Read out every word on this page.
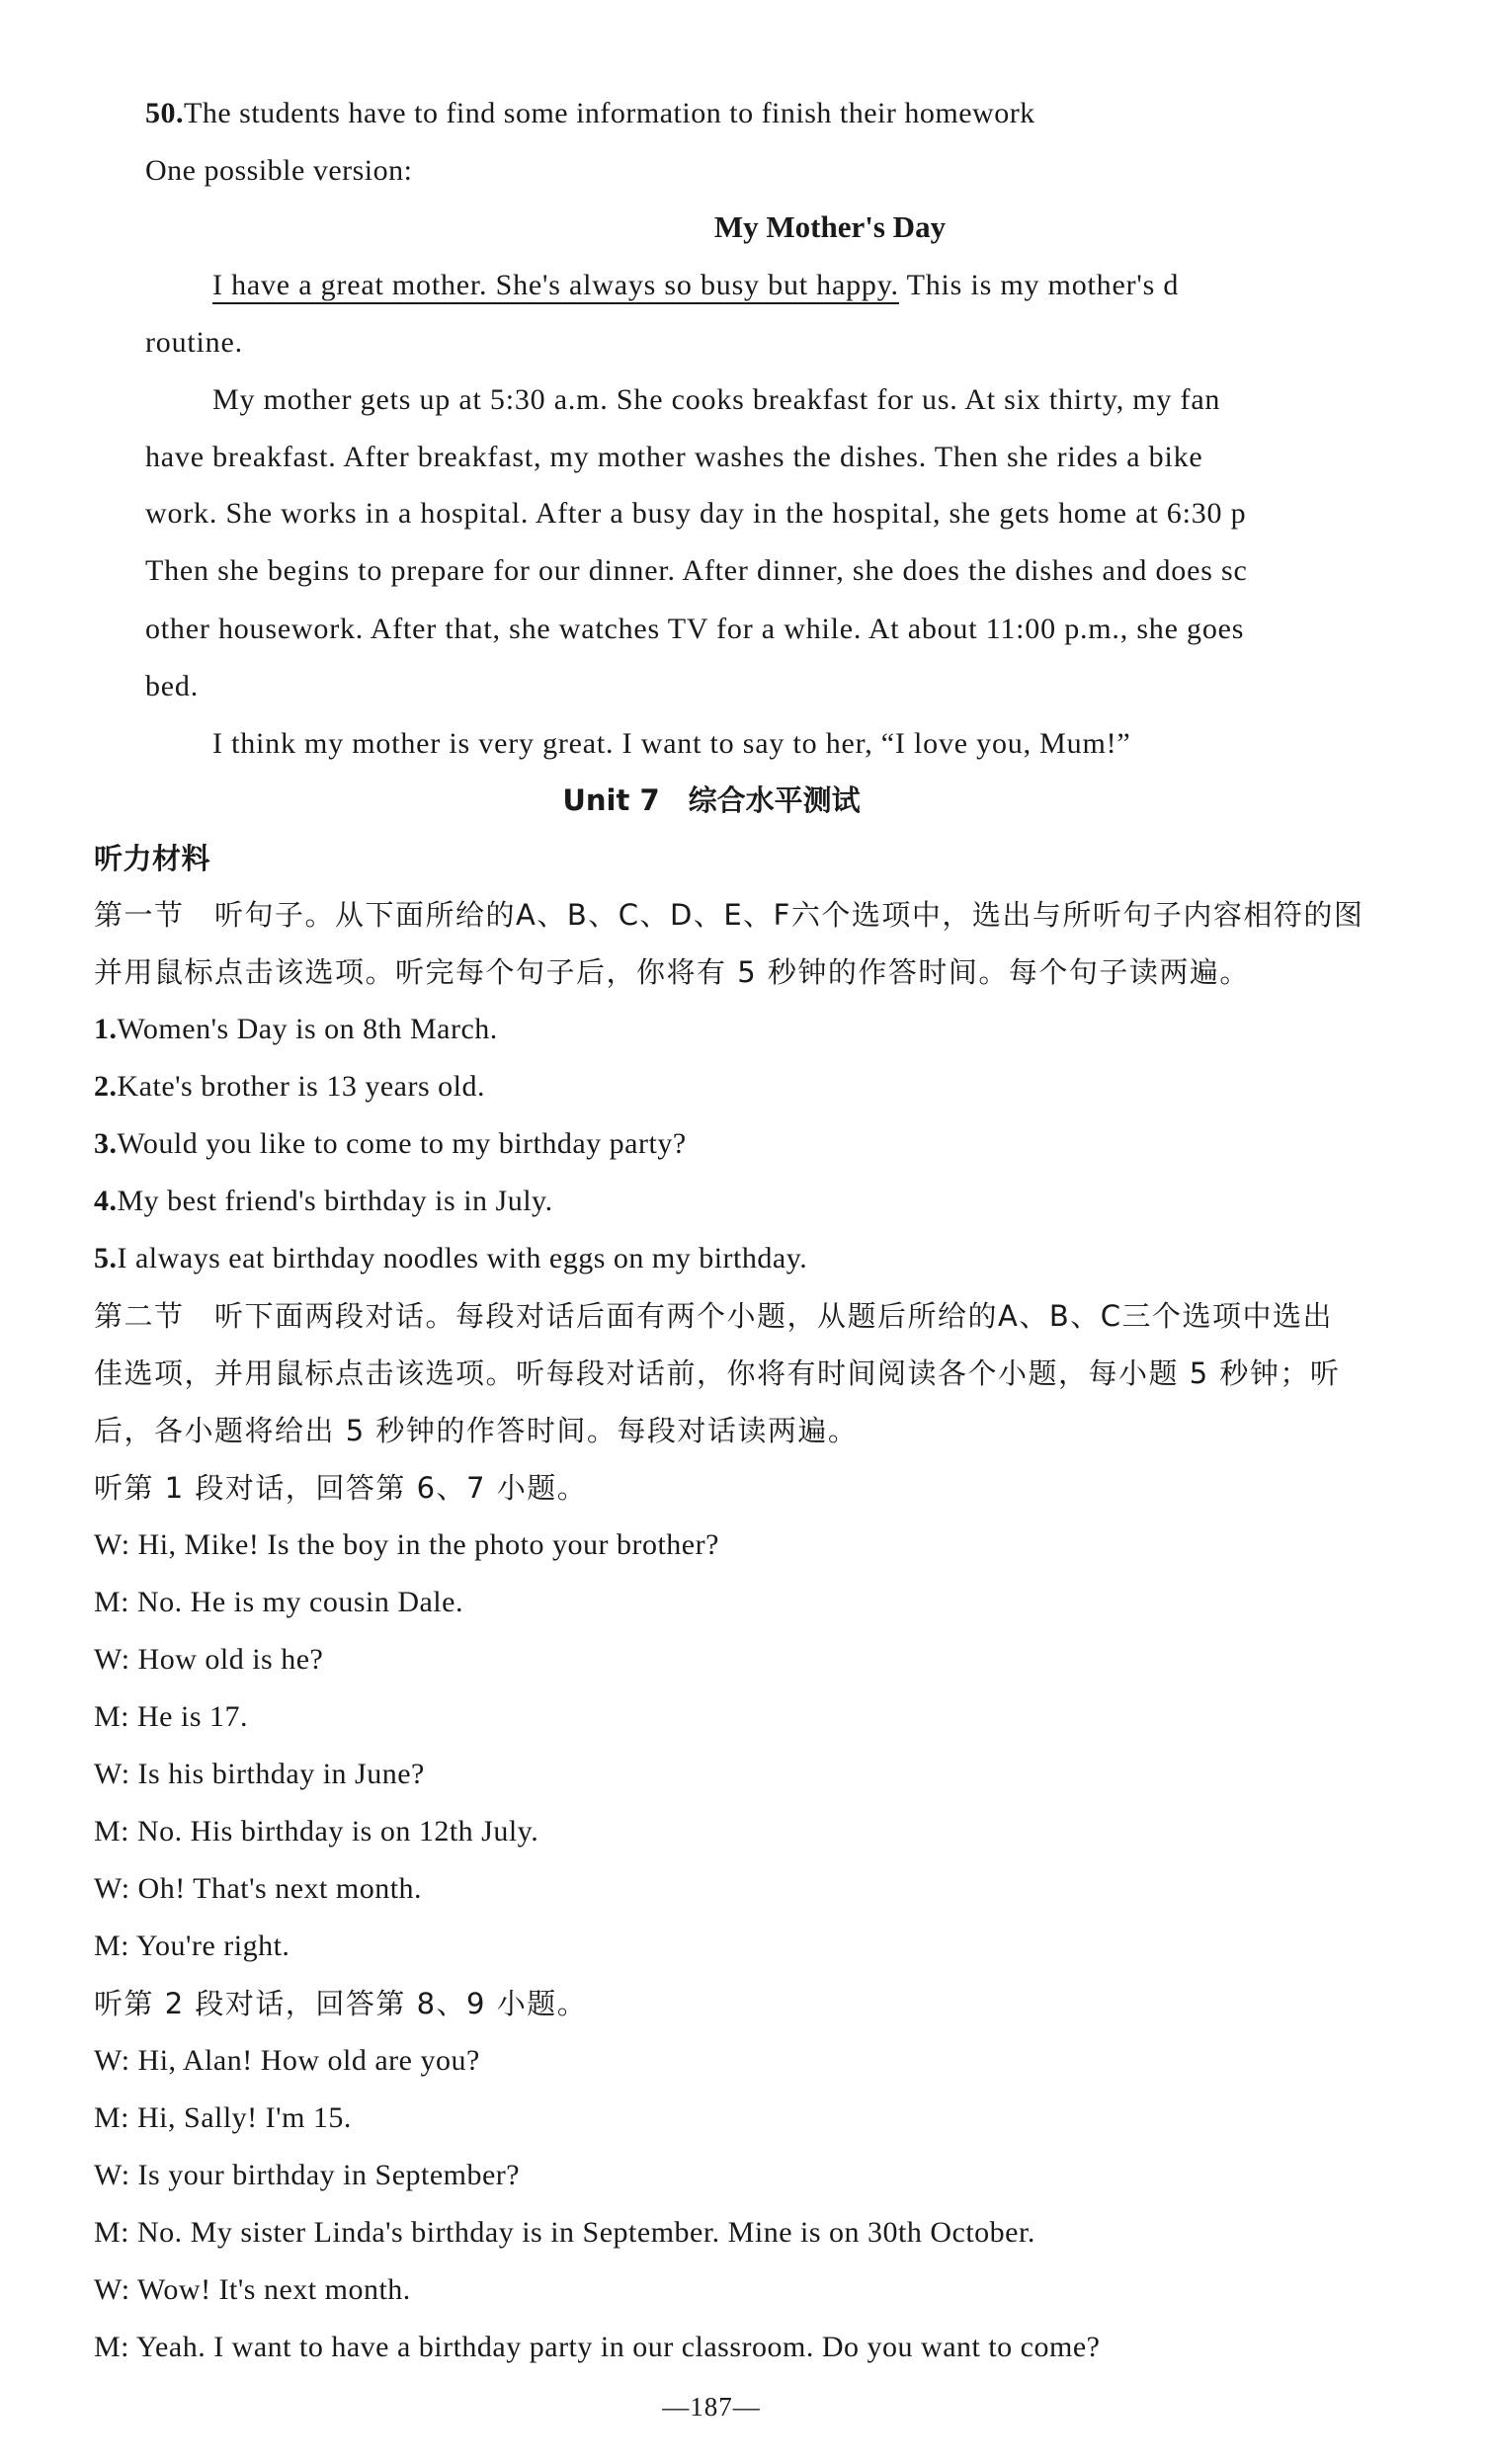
50.The students have to find some information to finish their homework
One possible version:
My Mother's Day
I have a great mother. She's always so busy but happy. This is my mother's d
routine.
My mother gets up at 5:30 a.m. She cooks breakfast for us. At six thirty, my fan
have breakfast. After breakfast, my mother washes the dishes. Then she rides a bike
work. She works in a hospital. After a busy day in the hospital, she gets home at 6:30 p
Then she begins to prepare for our dinner. After dinner, she does the dishes and does sc
other housework. After that, she watches TV for a while. At about 11:00 p.m., she goes
bed.
I think my mother is very great. I want to say to her, “I love you, Mum!”
Unit 7　综合水平测试
听力材料
第一节　听句子。从下面所给的A、B、C、D、E、F六个选项中，选出与所听句子内容相符的图
并用鼠标点击该选项。听完每个句子后，你将有 5 秒钟的作答时间。每个句子读两遍。
1.Women's Day is on 8th March.
2.Kate's brother is 13 years old.
3.Would you like to come to my birthday party?
4.My best friend's birthday is in July.
5.I always eat birthday noodles with eggs on my birthday.
第二节　听下面两段对话。每段对话后面有两个小题，从题后所给的A、B、C三个选项中选出
佳选项，并用鼠标点击该选项。听每段对话前，你将有时间阅读各个小题，每小题 5 秒钟；听
后，各小题将给出 5 秒钟的作答时间。每段对话读两遍。
听第 1 段对话，回答第 6、7 小题。
W: Hi, Mike! Is the boy in the photo your brother?
M: No. He is my cousin Dale.
W: How old is he?
M: He is 17.
W: Is his birthday in June?
M: No. His birthday is on 12th July.
W: Oh! That's next month.
M: You're right.
听第 2 段对话，回答第 8、9 小题。
W: Hi, Alan! How old are you?
M: Hi, Sally! I'm 15.
W: Is your birthday in September?
M: No. My sister Linda's birthday is in September. Mine is on 30th October.
W: Wow! It's next month.
M: Yeah. I want to have a birthday party in our classroom. Do you want to come?
—187—
